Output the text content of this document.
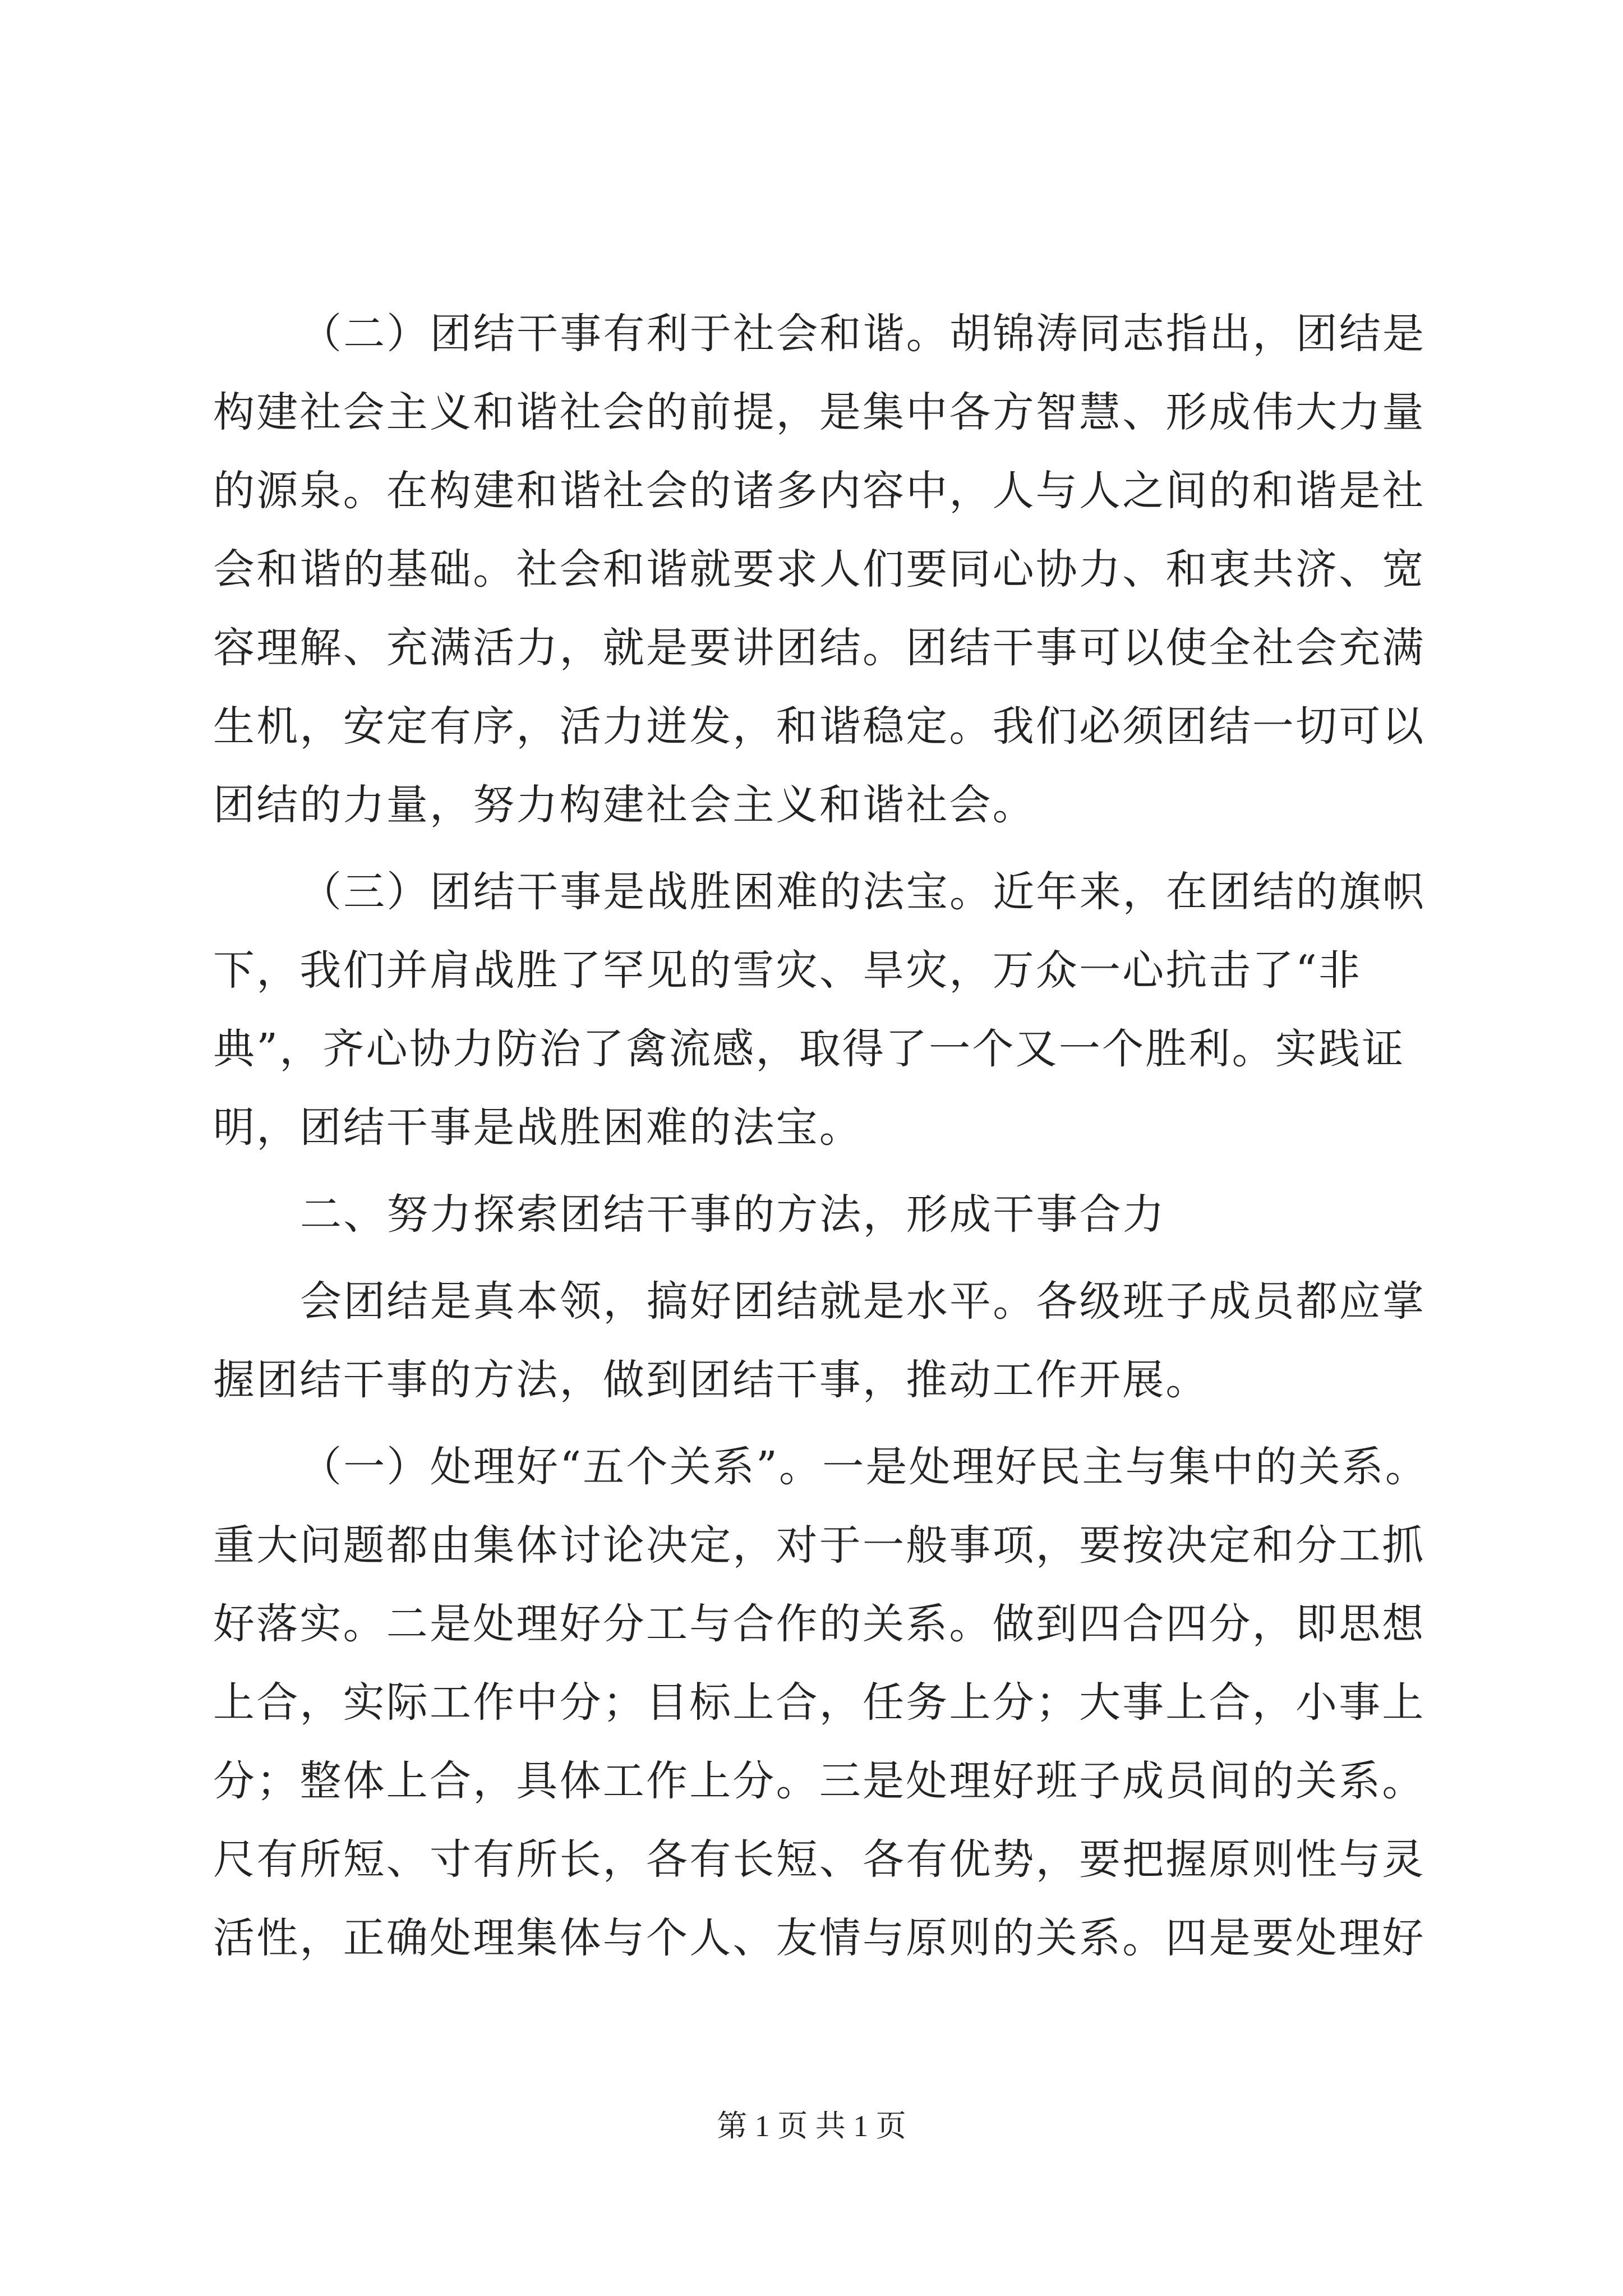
（二）团结干事有利于社会和谐。胡锦涛同志指出，团结是
构建社会主义和谐社会的前提，是集中各方智慧、形成伟大力量
的源泉。在构建和谐社会的诸多内容中，人与人之间的和谐是社
会和谐的基础。社会和谐就要求人们要同心协力、和衷共济、宽
容理解、充满活力，就是要讲团结。团结干事可以使全社会充满
生机，安定有序，活力迸发，和谐稳定。我们必须团结一切可以
团结的力量，努力构建社会主义和谐社会。
（三）团结干事是战胜困难的法宝。近年来，在团结的旗帜
下，我们并肩战胜了罕见的雪灾、旱灾，万众一心抗击了“非
典”，齐心协力防治了禽流感，取得了一个又一个胜利。实践证
明，团结干事是战胜困难的法宝。
二、努力探索团结干事的方法，形成干事合力
会团结是真本领，搞好团结就是水平。各级班子成员都应掌
握团结干事的方法，做到团结干事，推动工作开展。
（一）处理好“五个关系”。一是处理好民主与集中的关系。
重大问题都由集体讨论决定，对于一般事项，要按决定和分工抓
好落实。二是处理好分工与合作的关系。做到四合四分，即思想
上合，实际工作中分；目标上合，任务上分；大事上合，小事上
分；整体上合，具体工作上分。三是处理好班子成员间的关系。
尺有所短、寸有所长，各有长短、各有优势，要把握原则性与灵
活性，正确处理集体与个人、友情与原则的关系。四是要处理好
第 1 页 共 1 页
